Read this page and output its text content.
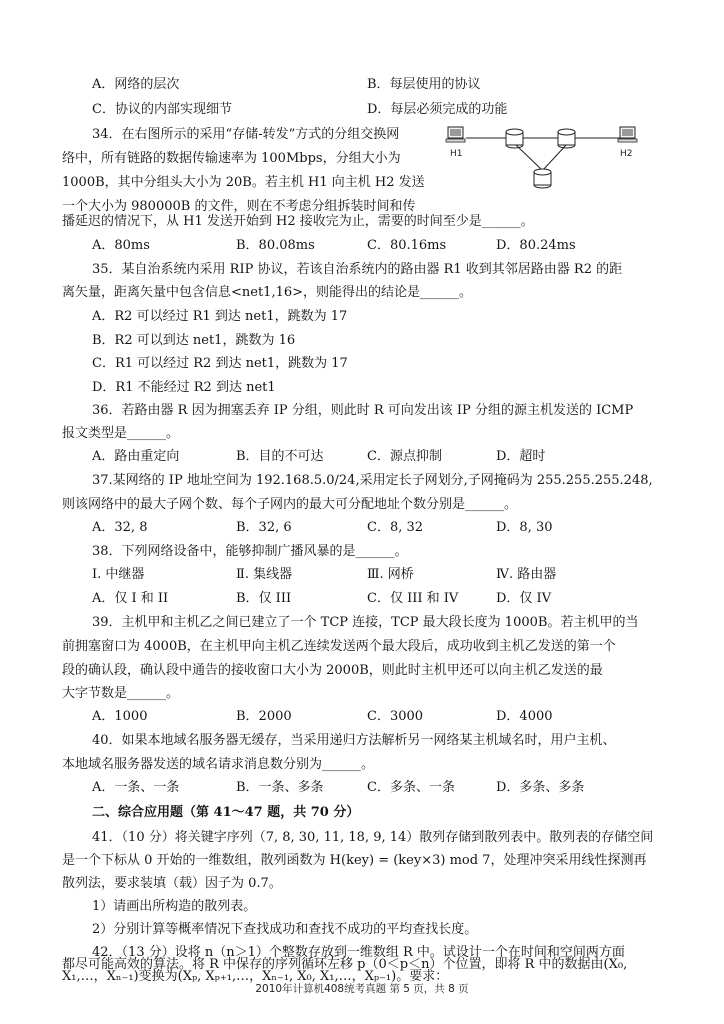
A．网络的层次	B．每层使用的协议
C．协议的内部实现细节	D．每层必须完成的功能
34．在右图所示的采用“存储-转发”方式的分组交换网
络中，所有链路的数据传输速率为 100Mbps，分组大小为
1000B，其中分组头大小为 20B。若主机 H1 向主机 H2 发送
一个大小为 980000B 的文件，则在不考虑分组拆装时间和传
播延迟的情况下，从 H1 发送开始到 H2 接收完为止，需要的时间至少是______。
H1	H2
A．80ms	B．80.08ms	C．80.16ms	D．80.24ms
35．某自治系统内采用 RIP 协议，若该自治系统内的路由器 R1 收到其邻居路由器 R2 的距
离矢量，距离矢量中包含信息<net1,16>，则能得出的结论是______。
A．R2 可以经过 R1 到达 net1，跳数为 17
B．R2 可以到达 net1，跳数为 16
C．R1 可以经过 R2 到达 net1，跳数为 17
D．R1 不能经过 R2 到达 net1
36．若路由器 R 因为拥塞丢弃 IP 分组，则此时 R 可向发出该 IP 分组的源主机发送的 ICMP
报文类型是______。
A．路由重定向	B．目的不可达	C．源点抑制	D．超时
37.某网络的 IP 地址空间为 192.168.5.0/24,采用定长子网划分,子网掩码为 255.255.255.248,
则该网络中的最大子网个数、每个子网内的最大可分配地址个数分别是______。
A．32, 8	B．32, 6	C．8, 32	D．8, 30
38．下列网络设备中，能够抑制广播风暴的是______。
Ⅰ. 中继器	Ⅱ. 集线器	Ⅲ. 网桥	Ⅳ. 路由器
A．仅 I 和 II	B．仅 III	C．仅 III 和 IV	D．仅 IV
39．主机甲和主机乙之间已建立了一个 TCP 连接，TCP 最大段长度为 1000B。若主机甲的当
前拥塞窗口为 4000B，在主机甲向主机乙连续发送两个最大段后，成功收到主机乙发送的第一个
段的确认段，确认段中通告的接收窗口大小为 2000B，则此时主机甲还可以向主机乙发送的最
大字节数是______。
A．1000	B．2000	C．3000	D．4000
40．如果本地域名服务器无缓存，当采用递归方法解析另一网络某主机域名时，用户主机、
本地域名服务器发送的域名请求消息数分别为______。
A．一条、一条	B．一条、多条	C．多条、一条	D．多条、多条
二、综合应用题（第 41～47 题，共 70 分）
41．（10 分）将关键字序列（7, 8, 30, 11, 18, 9, 14）散列存储到散列表中。散列表的存储空间
是一个下标从 0 开始的一维数组，散列函数为 H(key) = (key×3) mod 7，处理冲突采用线性探测再
散列法，要求装填（载）因子为 0.7。
1）请画出所构造的散列表。
2）分别计算等概率情况下查找成功和查找不成功的平均查找长度。
42．（13 分）设将 n（n＞1）个整数存放到一维数组 R 中。试设计一个在时间和空间两方面
都尽可能高效的算法。将 R 中保存的序列循环左移 p（0＜p＜n）个位置，即将 R 中的数据由(X₀,
X₁,…，Xₙ₋₁)变换为(Xₚ, Xₚ₊₁,…，Xₙ₋₁, X₀, X₁,…，Xₚ₋₁)。要求：
2010年计算机408统考真题 第 5 页，共 8 页
